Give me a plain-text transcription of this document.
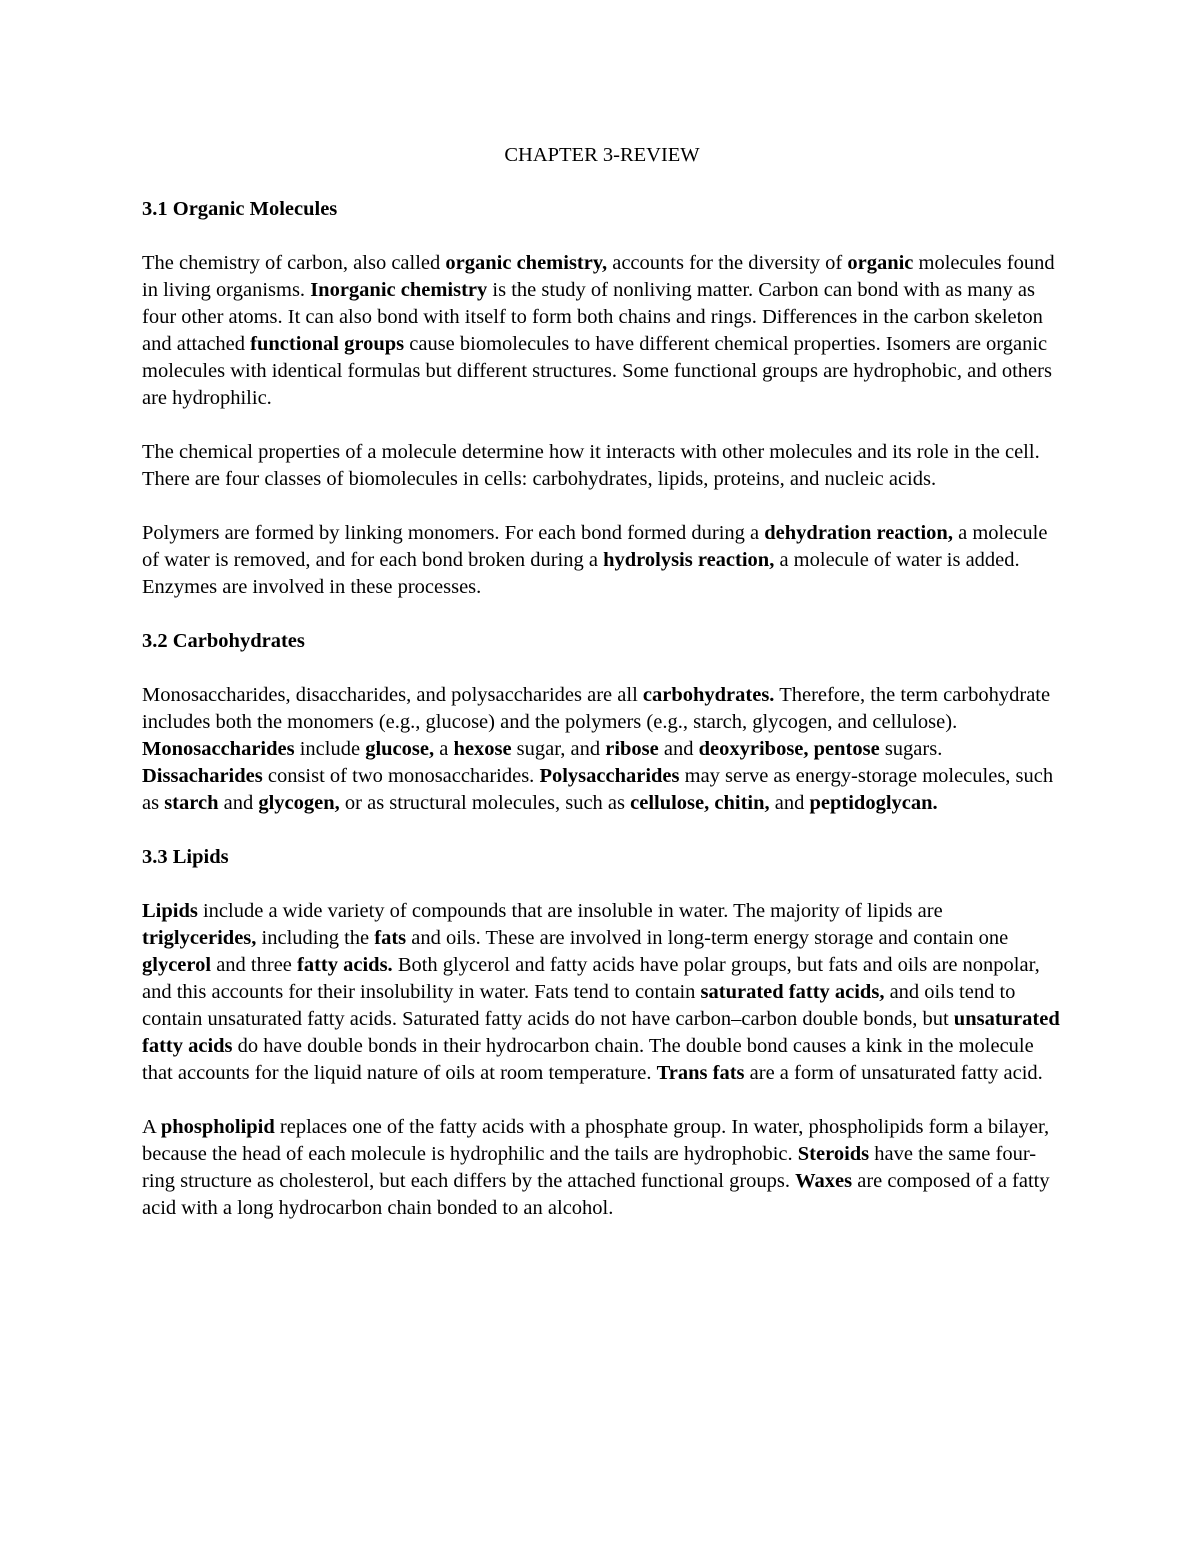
CHAPTER 3-REVIEW

3.1 Organic Molecules

The chemistry of carbon, also called organic chemistry, accounts for the diversity of organic molecules found in living organisms. Inorganic chemistry is the study of nonliving matter. Carbon can bond with as many as four other atoms. It can also bond with itself to form both chains and rings. Differences in the carbon skeleton and attached functional groups cause biomolecules to have different chemical properties. Isomers are organic molecules with identical formulas but different structures. Some functional groups are hydrophobic, and others are hydrophilic.

The chemical properties of a molecule determine how it interacts with other molecules and its role in the cell. There are four classes of biomolecules in cells: carbohydrates, lipids, proteins, and nucleic acids.

Polymers are formed by linking monomers. For each bond formed during a dehydration reaction, a molecule of water is removed, and for each bond broken during a hydrolysis reaction, a molecule of water is added. Enzymes are involved in these processes.

3.2 Carbohydrates

Monosaccharides, disaccharides, and polysaccharides are all carbohydrates. Therefore, the term carbohydrate includes both the monomers (e.g., glucose) and the polymers (e.g., starch, glycogen, and cellulose). Monosaccharides include glucose, a hexose sugar, and ribose and deoxyribose, pentose sugars. Dissacharides consist of two monosaccharides. Polysaccharides may serve as energy-storage molecules, such as starch and glycogen, or as structural molecules, such as cellulose, chitin, and peptidoglycan.

3.3 Lipids

Lipids include a wide variety of compounds that are insoluble in water. The majority of lipids are triglycerides, including the fats and oils. These are involved in long-term energy storage and contain one glycerol and three fatty acids. Both glycerol and fatty acids have polar groups, but fats and oils are nonpolar, and this accounts for their insolubility in water. Fats tend to contain saturated fatty acids, and oils tend to contain unsaturated fatty acids. Saturated fatty acids do not have carbon–carbon double bonds, but unsaturated fatty acids do have double bonds in their hydrocarbon chain. The double bond causes a kink in the molecule that accounts for the liquid nature of oils at room temperature. Trans fats are a form of unsaturated fatty acid.

A phospholipid replaces one of the fatty acids with a phosphate group. In water, phospholipids form a bilayer, because the head of each molecule is hydrophilic and the tails are hydrophobic. Steroids have the same four-ring structure as cholesterol, but each differs by the attached functional groups. Waxes are composed of a fatty acid with a long hydrocarbon chain bonded to an alcohol.
